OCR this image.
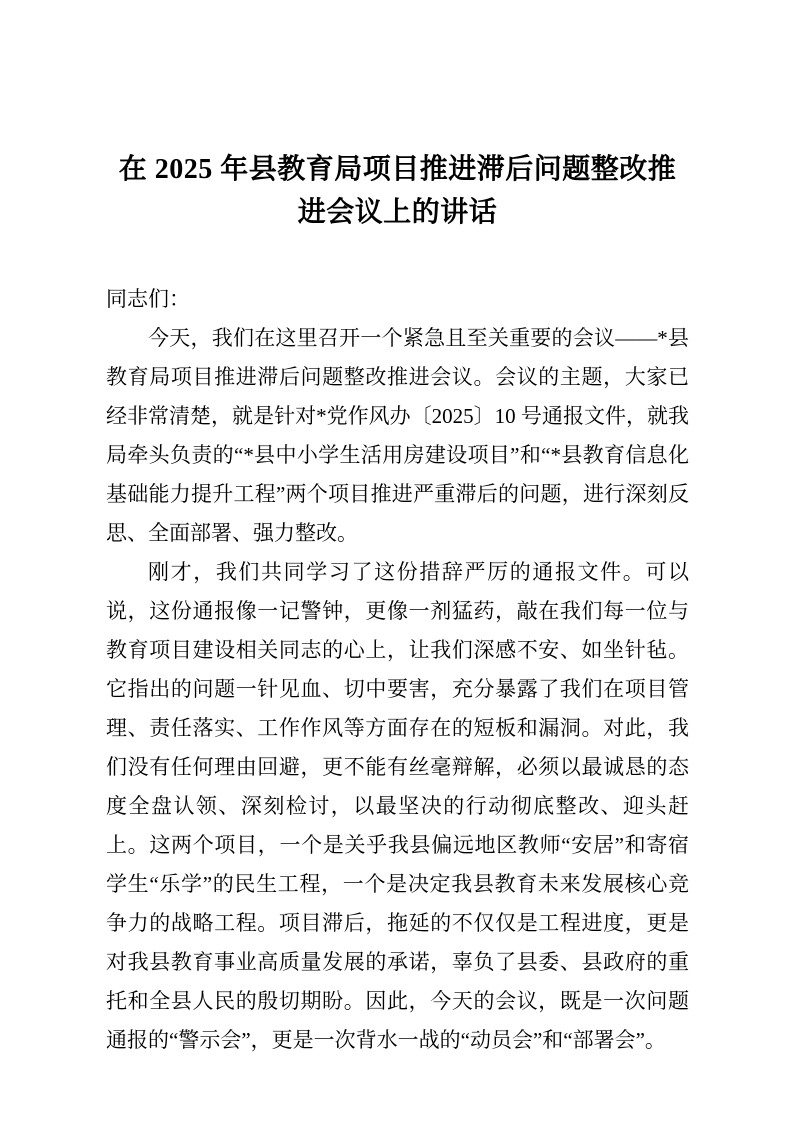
在 2025 年县教育局项目推进滞后问题整改推进会议上的讲话

同志们：

今天，我们在这里召开一个紧急且至关重要的会议——*县教育局项目推进滞后问题整改推进会议。会议的主题，大家已经非常清楚，就是针对*党作风办〔2025〕10 号通报文件，就我局牵头负责的“*县中小学生活用房建设项目”和“*县教育信息化基础能力提升工程”两个项目推进严重滞后的问题，进行深刻反思、全面部署、强力整改。

刚才，我们共同学习了这份措辞严厉的通报文件。可以说，这份通报像一记警钟，更像一剂猛药，敲在我们每一位与教育项目建设相关同志的心上，让我们深感不安、如坐针毡。它指出的问题一针见血、切中要害，充分暴露了我们在项目管理、责任落实、工作作风等方面存在的短板和漏洞。对此，我们没有任何理由回避，更不能有丝毫辩解，必须以最诚恳的态度全盘认领、深刻检讨，以最坚决的行动彻底整改、迎头赶上。这两个项目，一个是关乎我县偏远地区教师“安居”和寄宿学生“乐学”的民生工程，一个是决定我县教育未来发展核心竞争力的战略工程。项目滞后，拖延的不仅仅是工程进度，更是对我县教育事业高质量发展的承诺，辜负了县委、县政府的重托和全县人民的殷切期盼。因此，今天的会议，既是一次问题通报的“警示会”，更是一次背水一战的“动员会”和“部署会”。
